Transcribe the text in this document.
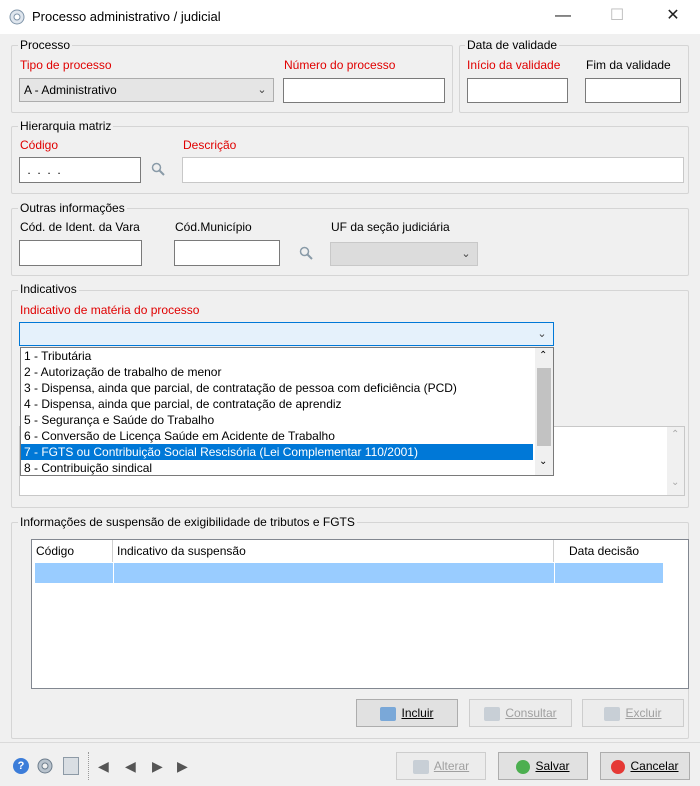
Processo administrativo / judicial	—	☐	✕
Processo
Tipo de processo
A - Administrativo	⌄
Número do processo
Data de validade
Início da validade Fim da validade
Hierarquia matriz
Código
.  .  .  .
Descrição
Outras informações
Cód. de Ident. da Vara	Cód.Município	UF da seção judiciária
⌄
Indicativos
Indicativo de matéria do processo
⌄
⌃
⌄
1 - Tributária
2 - Autorização de trabalho de menor
3 - Dispensa, ainda que parcial, de contratação de pessoa com deficiência (PCD)
4 - Dispensa, ainda que parcial, de contratação de aprendiz
5 - Segurança e Saúde do Trabalho
6 - Conversão de Licença Saúde em Acidente de Trabalho
7 - FGTS ou Contribuição Social Rescisória (Lei Complementar 110/2001)
8 - Contribuição sindical
⌃
⌄
Informações de suspensão de exigibilidade de tributos e FGTS
Código	Indicativo da suspensão	Data decisão
Incluir	Consultar	Excluir
?	◀​ ◀ ▶ ▶​	Alterar	Salvar	Cancelar
